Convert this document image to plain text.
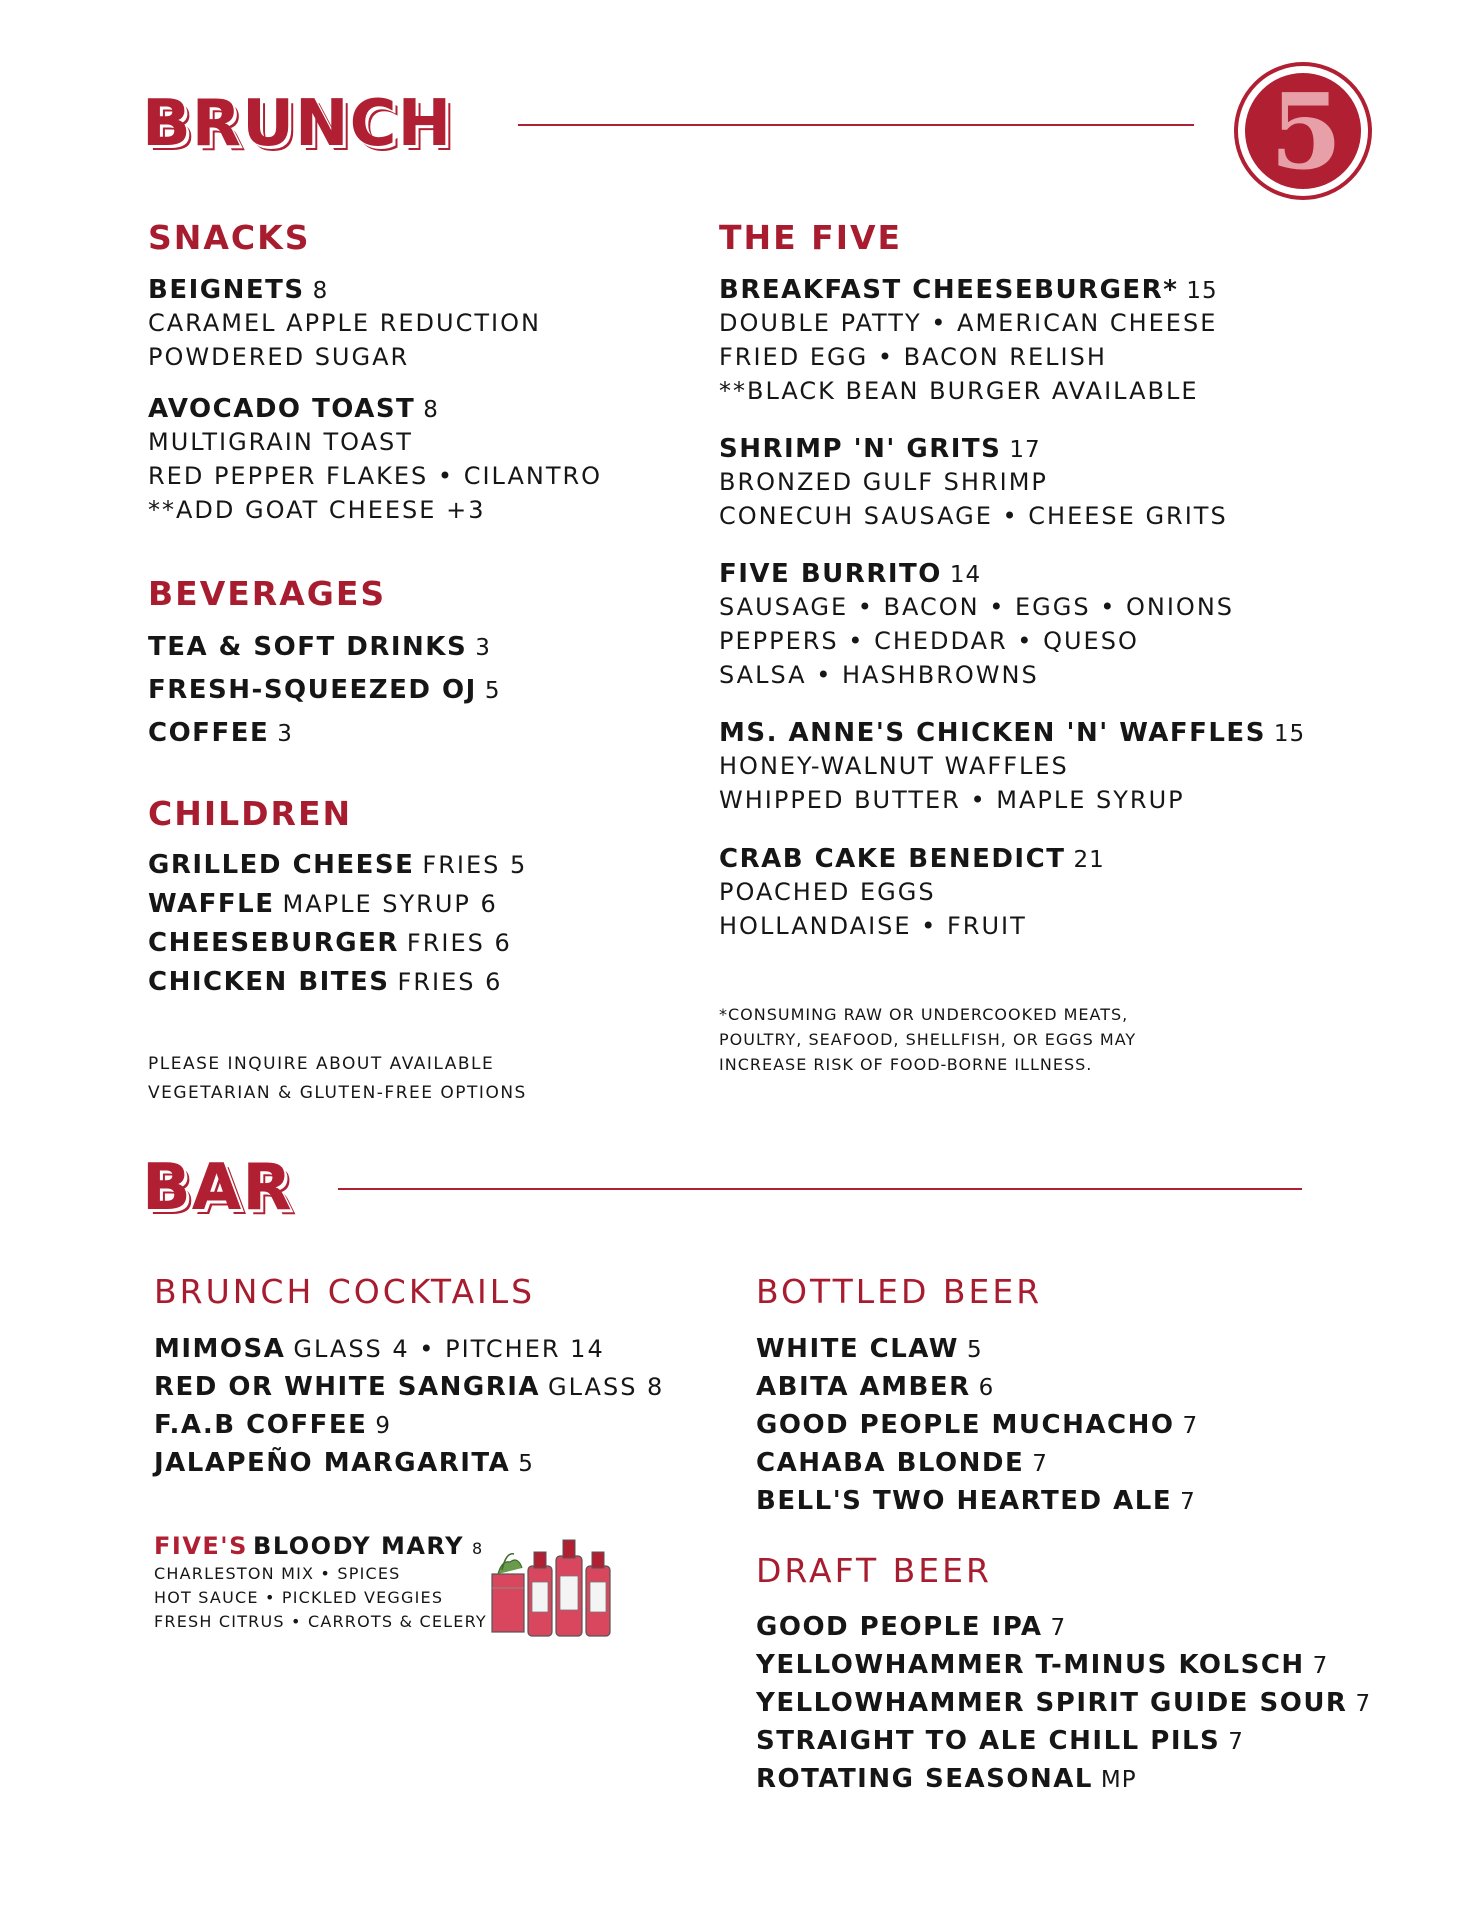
BRUNCH	5
SNACKS
BEIGNETS 8
CARAMEL APPLE REDUCTION
POWDERED SUGAR
AVOCADO TOAST 8
MULTIGRAIN TOAST
RED PEPPER FLAKES • CILANTRO
**ADD GOAT CHEESE +3
BEVERAGES
TEA & SOFT DRINKS 3
FRESH-SQUEEZED OJ 5
COFFEE 3
CHILDREN
GRILLED CHEESE FRIES 5
WAFFLE MAPLE SYRUP 6
CHEESEBURGER FRIES 6
CHICKEN BITES FRIES 6
PLEASE INQUIRE ABOUT AVAILABLE
VEGETARIAN & GLUTEN-FREE OPTIONS
THE FIVE
BREAKFAST CHEESEBURGER* 15
DOUBLE PATTY • AMERICAN CHEESE
FRIED EGG • BACON RELISH
**BLACK BEAN BURGER AVAILABLE
SHRIMP 'N' GRITS 17
BRONZED GULF SHRIMP
CONECUH SAUSAGE • CHEESE GRITS
FIVE BURRITO 14
SAUSAGE • BACON • EGGS • ONIONS
PEPPERS • CHEDDAR • QUESO
SALSA • HASHBROWNS
MS. ANNE'S CHICKEN 'N' WAFFLES 15
HONEY-WALNUT WAFFLES
WHIPPED BUTTER • MAPLE SYRUP
CRAB CAKE BENEDICT 21
POACHED EGGS
HOLLANDAISE • FRUIT
*CONSUMING RAW OR UNDERCOOKED MEATS,
POULTRY, SEAFOOD, SHELLFISH, OR EGGS MAY
INCREASE RISK OF FOOD-BORNE ILLNESS.
BAR
BRUNCH COCKTAILS
MIMOSA GLASS 4 • PITCHER 14
RED OR WHITE SANGRIA GLASS 8
F.A.B COFFEE 9
JALAPEÑO MARGARITA 5
FIVE'S BLOODY MARY 8
CHARLESTON MIX • SPICES
HOT SAUCE • PICKLED VEGGIES
FRESH CITRUS • CARROTS & CELERY
BOTTLED BEER
WHITE CLAW 5
ABITA AMBER 6
GOOD PEOPLE MUCHACHO 7
CAHABA BLONDE 7
BELL'S TWO HEARTED ALE 7
DRAFT BEER
GOOD PEOPLE IPA 7
YELLOWHAMMER T-MINUS KOLSCH 7
YELLOWHAMMER SPIRIT GUIDE SOUR 7
STRAIGHT TO ALE CHILL PILS 7
ROTATING SEASONAL MP
